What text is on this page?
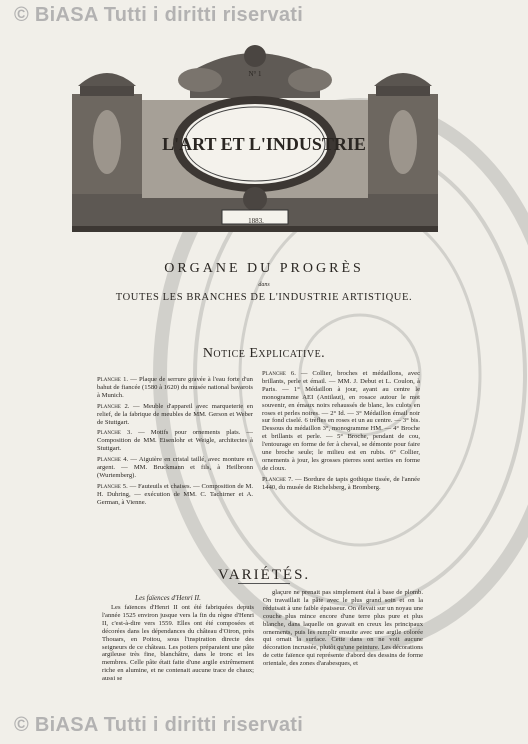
© BiASA Tutti i diritti riservati
N° 1
L'ART ET L'INDUSTRIE
1883.
ORGANE DU PROGRÈS
dans
TOUTES LES BRANCHES DE L'INDUSTRIE ARTISTIQUE.
Notice Explicative.

Planche 1. — Plaque de serrure gravée à l'eau forte d'un bahut de fiancée (1580 à 1620) du musée national bavarois à Munich.

Planche 2. — Meuble d'appareil avec marqueterie en relief, de la fabrique de meubles de MM. Gerson et Weber de Stuttgart.

Planche 3. — Motifs pour ornements plats. — Composition de MM. Eisenlohr et Weigle, architectes à Stuttgart.

Planche 4. — Aiguière en cristal taillé, avec monture en argent. — MM. Bruckmann et fils, à Heilbronn (Wurtemberg).

Planche 5. — Fauteuils et chaises. — Composition de M. H. Duhring, — exécution de MM. C. Tachirner et A. German, à Vienne.

Planche 6. — Collier, broches et médaillons, avec brillants, perle et émail. — MM. J. Debut et L. Coulon, à Paris. — 1° Médaillon à jour, ayant au centre le monogramme AEI (Antilaut), en rosace autour le mot souvenir, en émaux noirs rehaussés de blanc, les culots en roses et perles noires. — 2° Id. — 3° Médaillon émail noir sur fond ciselé. 6 trèfles en roses et un au centre. — 3° bis. Dessous du médaillon 3°, monogramme HM. — 4° Broche et brillants et perle. — 5° Broche, pendant de cou, l'entourage en forme de fer à cheval, se démonte pour faire une broche seule; le milieu est en rubis. 6° Collier, ornements à jour, les grosses pierres sont serties en forme de cloux.

Planche 7. — Bordure de tapis gothique tissée, de l'année 1440, du musée de Richelsberg, à Bromberg.

VARIÉTÉS.
Les faïences d'Henri II.

Les faïences d'Henri II ont été fabriquées depuis l'année 1525 environ jusque vers la fin du règne d'Henri II, c'est-à-dire vers 1559. Elles ont été composées et décorées dans les dépendances du château d'Oiron, près Thouars, en Poitou, sous l'inspiration directe des seigneurs de ce château. Les potiers préparaient une pâte argileuse très fine, blanchâtre, dans le tronc et les membres. Celle pâte était faite d'une argile extrêmement riche en alumine, et ne contenait aucune trace de chaux; aussi se

glaçure ne prenait pas simplement étal à base de plomb. On travaillait la pâte avec le plus grand soin et on la réduisait à une faible épaisseur. On élevait sur un noyau une couche plus mince encore d'une terre plus pure et plus blanche, dans laquelle on gravait en creux les principaux ornements, puis les remplir ensuite avec une argile colorée qui ornait la surface. Cette dans on ne voit aucune décoration incrustée, plutôt qu'une peinture. Les décorations de cette faïence qui représente d'abord des dessins de forme orientale, des zones d'arabesques, et

© BiASA Tutti i diritti riservati
